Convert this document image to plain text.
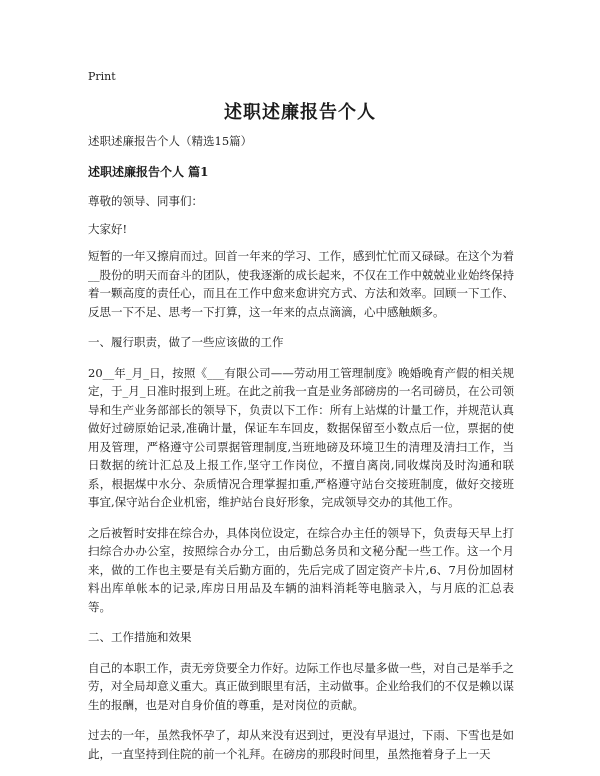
Print
述职述廉报告个人

述职述廉报告个人（精选15篇）

述职述廉报告个人 篇1

尊敬的领导、同事们：

大家好!

短暂的一年又擦肩而过。回首一年来的学习、工作，感到忙忙而又碌碌。在这个为着__股份的明天而奋斗的团队，使我逐渐的成长起来，不仅在工作中兢兢业业始终保持着一颗高度的责任心，而且在工作中愈来愈讲究方式、方法和效率。回顾一下工作、反思一下不足、思考一下打算，这一年来的点点滴滴，心中感触颇多。

一、履行职责，做了一些应该做的工作

20__年_月_日，按照《___有限公司——劳动用工管理制度》晚婚晚育产假的相关规定，于_月_日准时报到上班。在此之前我一直是业务部磅房的一名司磅员，在公司领导和生产业务部部长的领导下，负责以下工作：所有上站煤的计量工作，并规范认真做好过磅原始记录,准确计量，保证车车回皮，数据保留至小数点后一位，票据的使用及管理，严格遵守公司票据管理制度,当班地磅及环境卫生的清理及清扫工作，当日数据的统计汇总及上报工作,坚守工作岗位，不擅自离岗,同收煤岗及时沟通和联系，根据煤中水分、杂质情况合理掌握扣重,严格遵守站台交接班制度，做好交接班事宜,保守站台企业机密，维护站台良好形象，完成领导交办的其他工作。

之后被暂时安排在综合办，具体岗位设定，在综合办主任的领导下，负责每天早上打扫综合办办公室，按照综合办分工，由后勤总务员和文秘分配一些工作。这一个月来，做的工作也主要是有关后勤方面的，先后完成了固定资产卡片,6、7月份加固材料出库单帐本的记录,库房日用品及车辆的油料消耗等电脑录入，与月底的汇总表等。

二、工作措施和效果

自己的本职工作，责无旁贷要全力作好。边际工作也尽量多做一些，对自己是举手之劳，对全局却意义重大。真正做到眼里有活，主动做事。企业给我们的不仅是赖以谋生的报酬，也是对自身价值的尊重，是对岗位的贡献。

过去的一年，虽然我怀孕了，却从来没有迟到过，更没有早退过，下雨、下雪也是如此，一直坚持到住院的前一个礼拜。在磅房的那段时间里，虽然拖着身子上一天
